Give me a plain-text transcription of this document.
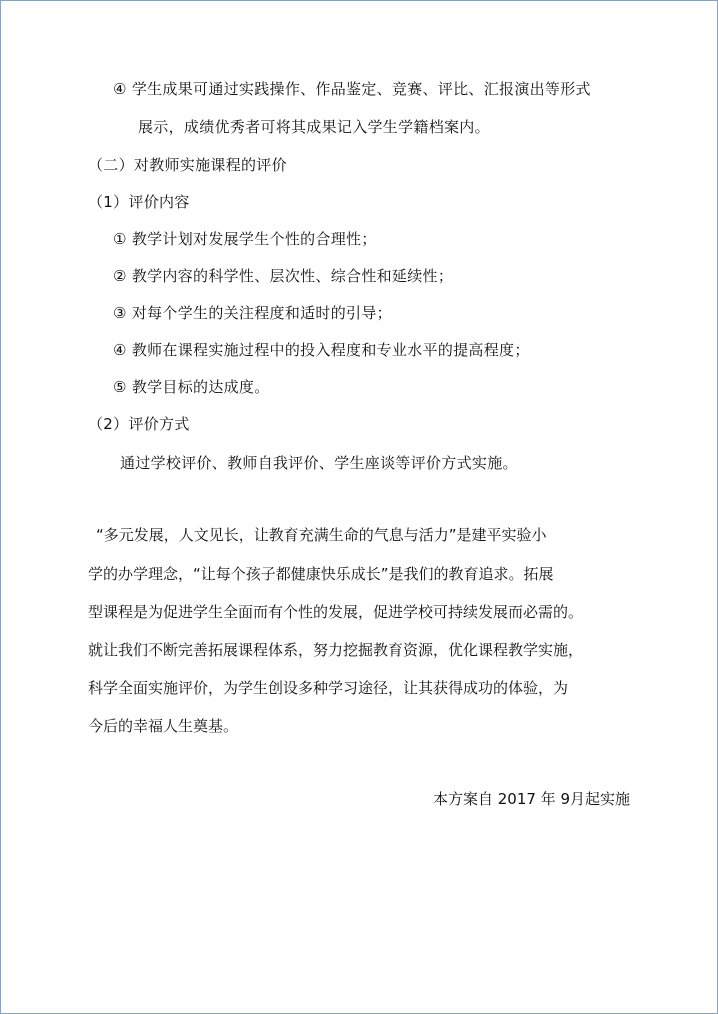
④ 学生成果可通过实践操作、作品鉴定、竞赛、评比、汇报演出等形式
展示，成绩优秀者可将其成果记入学生学籍档案内。
（二）对教师实施课程的评价
（1）评价内容
① 教学计划对发展学生个性的合理性；
② 教学内容的科学性、层次性、综合性和延续性；
③ 对每个学生的关注程度和适时的引导；
④ 教师在课程实施过程中的投入程度和专业水平的提高程度；
⑤ 教学目标的达成度。
（2）评价方式
通过学校评价、教师自我评价、学生座谈等评价方式实施。
“多元发展，人文见长，让教育充满生命的气息与活力”是建平实验小
学的办学理念，“让每个孩子都健康快乐成长”是我们的教育追求。拓展
型课程是为促进学生全面而有个性的发展，促进学校可持续发展而必需的。
就让我们不断完善拓展课程体系，努力挖掘教育资源，优化课程教学实施，
科学全面实施评价，为学生创设多种学习途径，让其获得成功的体验，为
今后的幸福人生奠基。
本方案自 2017 年 9月起实施
